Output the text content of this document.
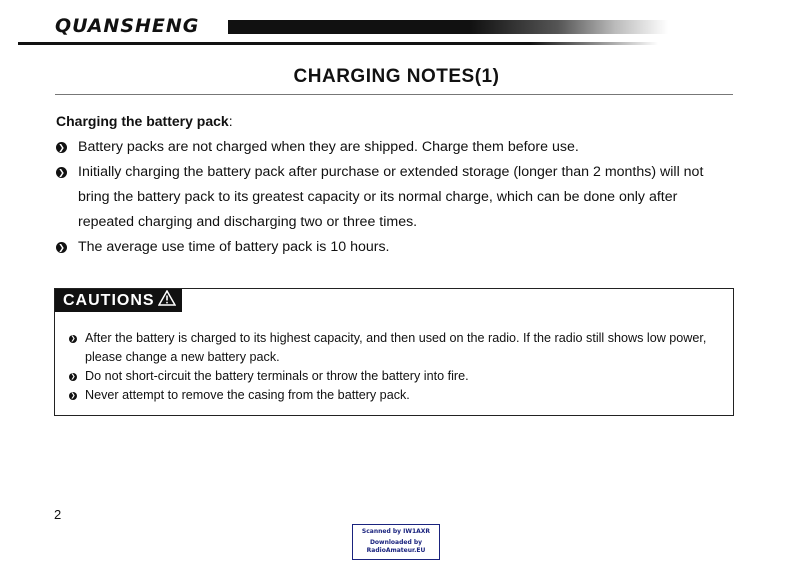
QUANSHENG
CHARGING NOTES(1)
Charging the battery pack:
❯ Battery packs are not charged when they are shipped. Charge them before use.
❯ Initially charging the battery pack after purchase or extended storage (longer than 2 months) will not bring the battery pack to its greatest capacity or its normal charge, which can be done only after repeated charging and discharging two or three times.
❯ The average use time of battery pack is 10 hours.
CAUTIONS
❯ After the battery is charged to its highest capacity, and then used on the radio. If the radio still shows low power, please change a new battery pack.
❯ Do not short-circuit the battery terminals or throw the battery into fire.
❯ Never attempt to remove the casing from the battery pack.
2
Scanned by IW1AXR
Downloaded by
RadioAmateur.EU
